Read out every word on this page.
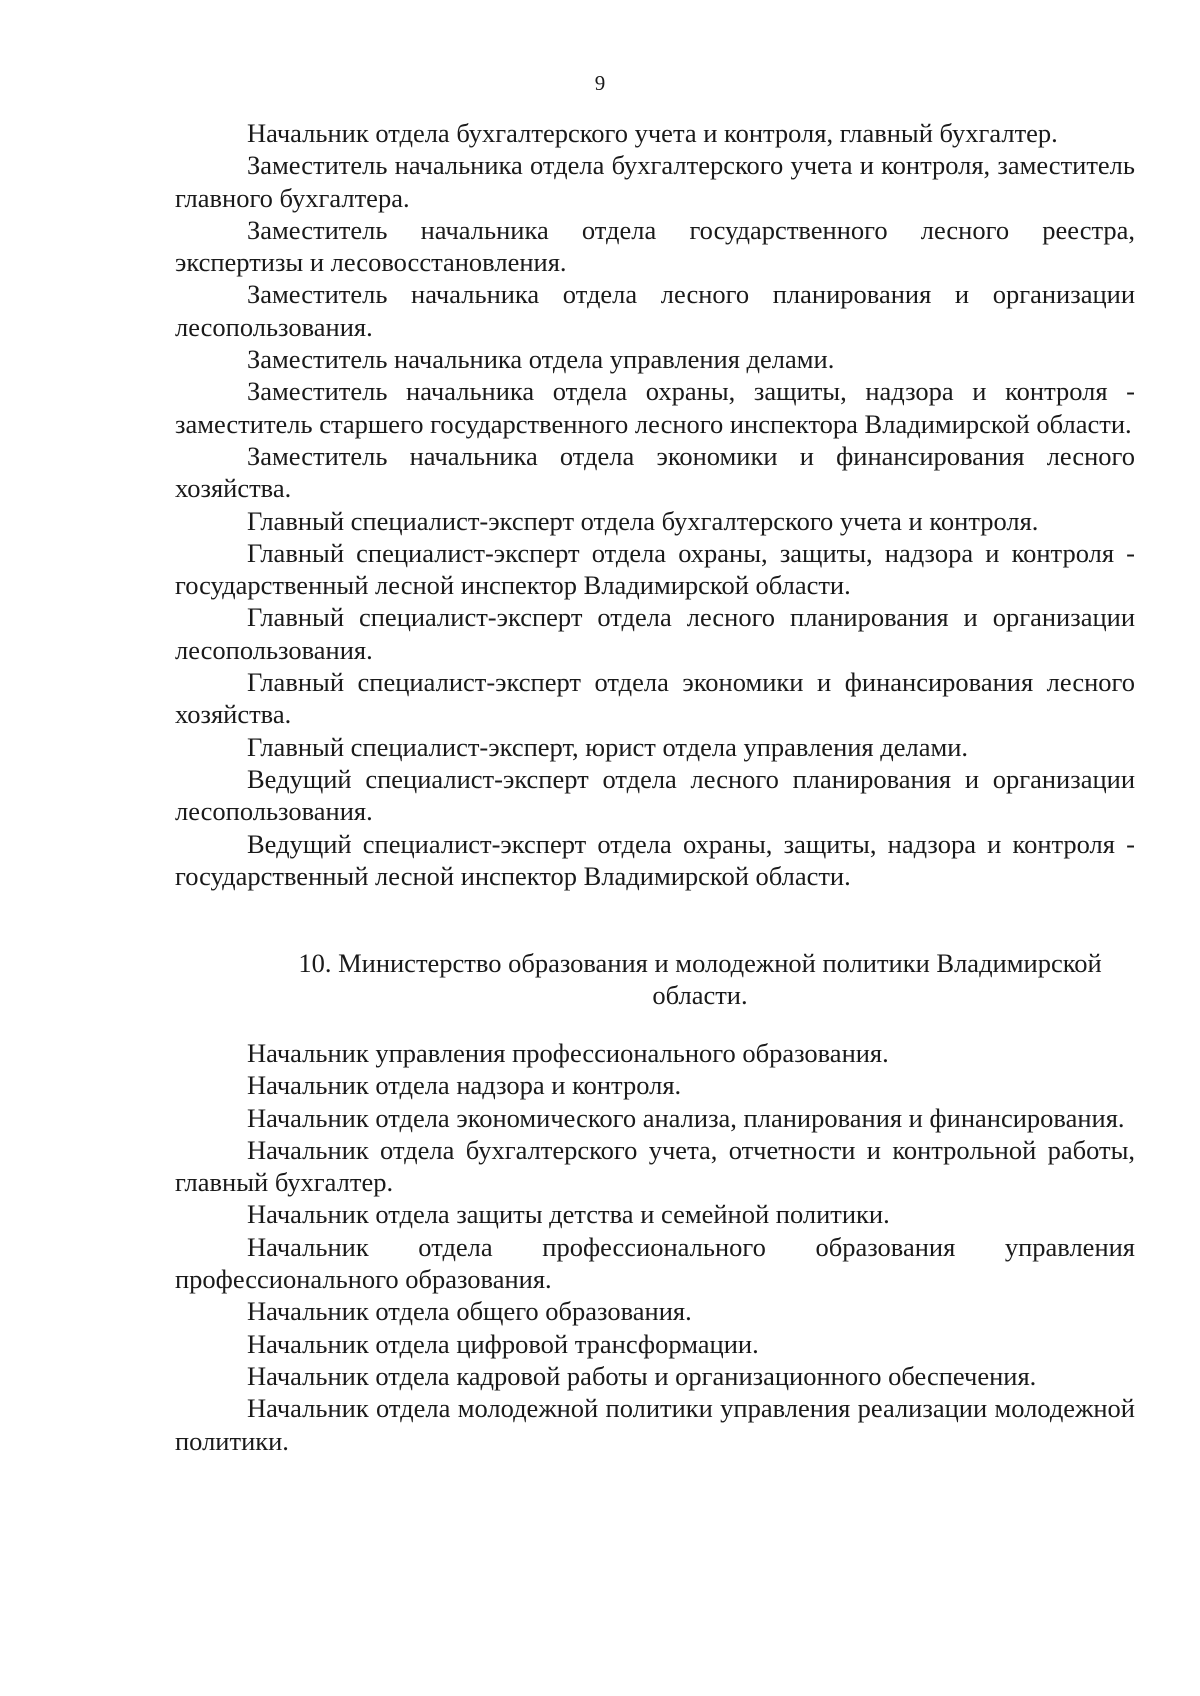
9

Начальник отдела бухгалтерского учета и контроля, главный бухгалтер.

Заместитель начальника отдела бухгалтерского учета и контроля, заместитель главного бухгалтера.

Заместитель начальника отдела государственного лесного реестра, экспертизы и лесовосстановления.

Заместитель начальника отдела лесного планирования и организации лесопользования.

Заместитель начальника отдела управления делами.

Заместитель начальника отдела охраны, защиты, надзора и контроля - заместитель старшего государственного лесного инспектора Владимирской области.

Заместитель начальника отдела экономики и финансирования лесного хозяйства.

Главный специалист-эксперт отдела бухгалтерского учета и контроля.

Главный специалист-эксперт отдела охраны, защиты, надзора и контроля - государственный лесной инспектор Владимирской области.

Главный специалист-эксперт отдела лесного планирования и организации лесопользования.

Главный специалист-эксперт отдела экономики и финансирования лесного хозяйства.

Главный специалист-эксперт, юрист отдела управления делами.

Ведущий специалист-эксперт отдела лесного планирования и организации лесопользования.

Ведущий специалист-эксперт отдела охраны, защиты, надзора и контроля - государственный лесной инспектор Владимирской области.

10. Министерство образования и молодежной политики Владимирской области.

Начальник управления профессионального образования.

Начальник отдела надзора и контроля.

Начальник отдела экономического анализа, планирования и финансирования.

Начальник отдела бухгалтерского учета, отчетности и контрольной работы, главный бухгалтер.

Начальник отдела защиты детства и семейной политики.

Начальник отдела профессионального образования управления профессионального образования.

Начальник отдела общего образования.

Начальник отдела цифровой трансформации.

Начальник отдела кадровой работы и организационного обеспечения.

Начальник отдела молодежной политики управления реализации молодежной политики.
